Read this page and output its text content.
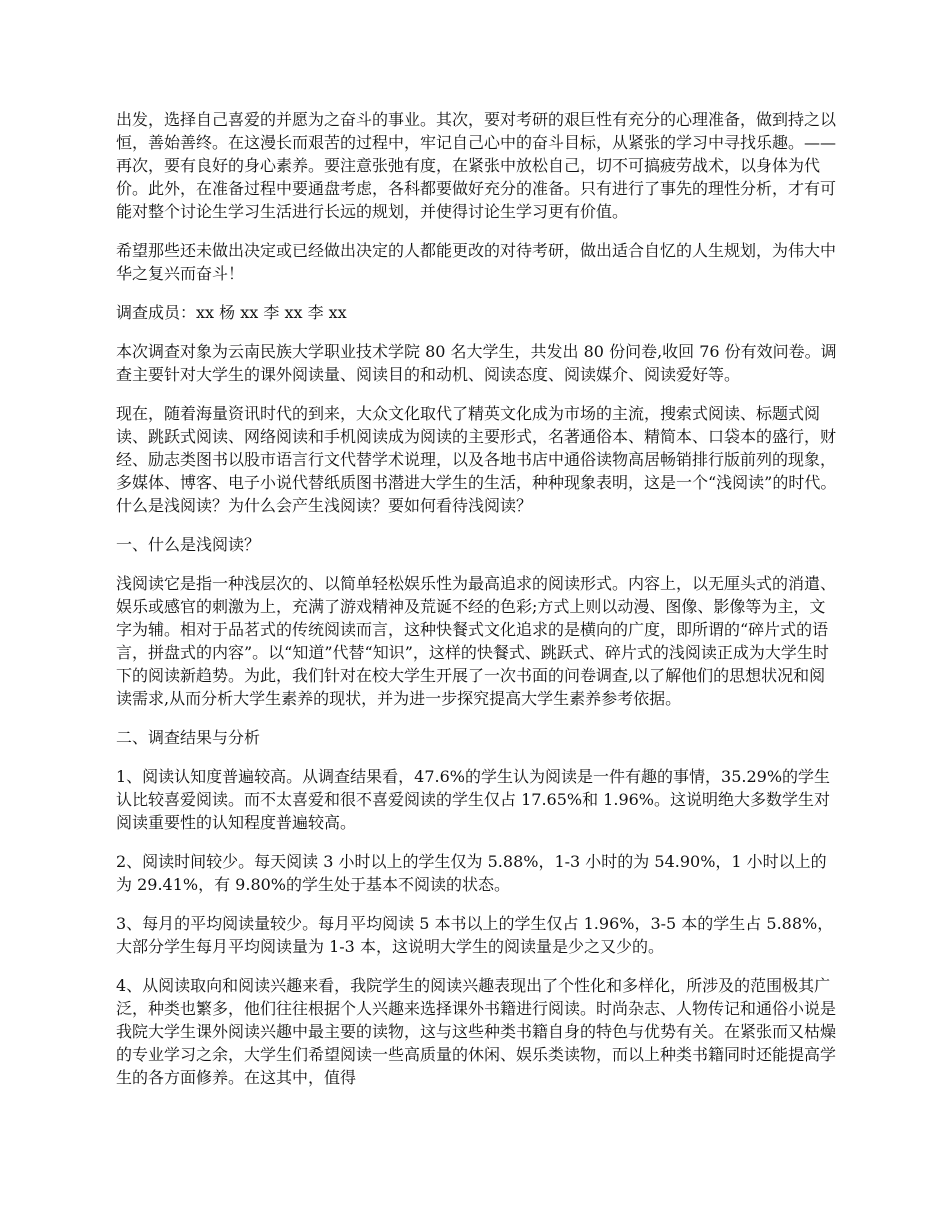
出发，选择自己喜爱的并愿为之奋斗的事业。其次，要对考研的艰巨性有充分的心理准备，做到持之以恒，善始善终。在这漫长而艰苦的过程中，牢记自己心中的奋斗目标，从紧张的学习中寻找乐趣。——再次，要有良好的身心素养。要注意张弛有度，在紧张中放松自己，切不可搞疲劳战术，以身体为代价。此外，在准备过程中要通盘考虑，各科都要做好充分的准备。只有进行了事先的理性分析，才有可能对整个讨论生学习生活进行长远的规划，并使得讨论生学习更有价值。

希望那些还未做出决定或已经做出决定的人都能更改的对待考研，做出适合自忆的人生规划，为伟大中华之复兴而奋斗！

调查成员：xx 杨 xx 李 xx 李 xx

本次调查对象为云南民族大学职业技术学院 80 名大学生，共发出 80 份问卷,收回 76 份有效问卷。调查主要针对大学生的课外阅读量、阅读目的和动机、阅读态度、阅读媒介、阅读爱好等。

现在，随着海量资讯时代的到来，大众文化取代了精英文化成为市场的主流，搜索式阅读、标题式阅读、跳跃式阅读、网络阅读和手机阅读成为阅读的主要形式，名著通俗本、精简本、口袋本的盛行，财经、励志类图书以股市语言行文代替学术说理，以及各地书店中通俗读物高居畅销排行版前列的现象，多媒体、博客、电子小说代替纸质图书潜进大学生的生活，种种现象表明，这是一个“浅阅读”的时代。什么是浅阅读？为什么会产生浅阅读？要如何看待浅阅读？

一、什么是浅阅读？

浅阅读它是指一种浅层次的、以简单轻松娱乐性为最高追求的阅读形式。内容上，以无厘头式的消遣、娱乐或感官的刺激为上，充满了游戏精神及荒诞不经的色彩;方式上则以动漫、图像、影像等为主，文字为辅。相对于品茗式的传统阅读而言，这种快餐式文化追求的是横向的广度，即所谓的“碎片式的语言，拼盘式的内容”。以“知道”代替“知识”，这样的快餐式、跳跃式、碎片式的浅阅读正成为大学生时下的阅读新趋势。为此，我们针对在校大学生开展了一次书面的问卷调查,以了解他们的思想状况和阅读需求,从而分析大学生素养的现状，并为进一步探究提高大学生素养参考依据。

二、调查结果与分析

1、阅读认知度普遍较高。从调查结果看，47.6%的学生认为阅读是一件有趣的事情，35.29%的学生认比较喜爱阅读。而不太喜爱和很不喜爱阅读的学生仅占 17.65%和 1.96%。这说明绝大多数学生对阅读重要性的认知程度普遍较高。

2、阅读时间较少。每天阅读 3 小时以上的学生仅为 5.88%，1-3 小时的为 54.90%，1 小时以上的为 29.41%，有 9.80%的学生处于基本不阅读的状态。

3、每月的平均阅读量较少。每月平均阅读 5 本书以上的学生仅占 1.96%，3-5 本的学生占 5.88%，大部分学生每月平均阅读量为 1-3 本，这说明大学生的阅读量是少之又少的。

4、从阅读取向和阅读兴趣来看，我院学生的阅读兴趣表现出了个性化和多样化，所涉及的范围极其广泛，种类也繁多，他们往往根据个人兴趣来选择课外书籍进行阅读。时尚杂志、人物传记和通俗小说是我院大学生课外阅读兴趣中最主要的读物，这与这些种类书籍自身的特色与优势有关。在紧张而又枯燥的专业学习之余，大学生们希望阅读一些高质量的休闲、娱乐类读物，而以上种类书籍同时还能提高学生的各方面修养。在这其中，值得
